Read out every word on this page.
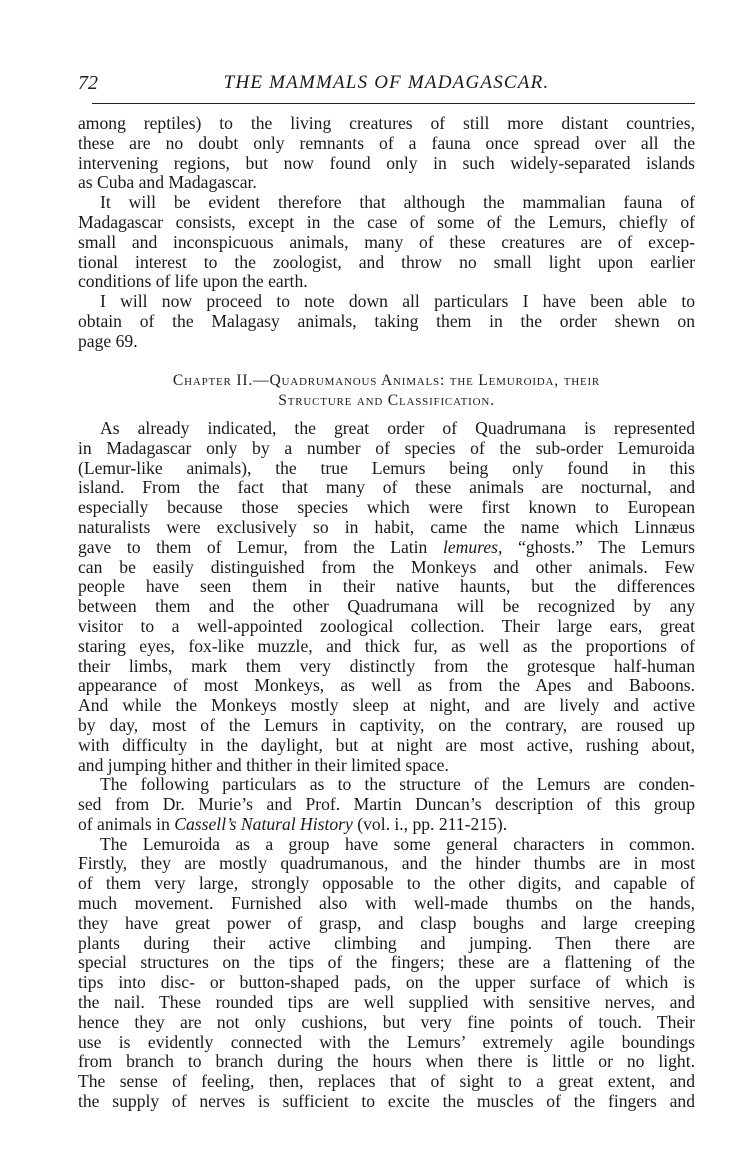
72	THE MAMMALS OF MADAGASCAR.
among reptiles) to the living creatures of still more distant countries,
these are no doubt only remnants of a fauna once spread over all the
intervening regions, but now found only in such widely-separated islands
as Cuba and Madagascar.
It will be evident therefore that although the mammalian fauna of
Madagascar consists, except in the case of some of the Lemurs, chiefly of
small and inconspicuous animals, many of these creatures are of excep-
tional interest to the zoologist, and throw no small light upon earlier
conditions of life upon the earth.
I will now proceed to note down all particulars I have been able to
obtain of the Malagasy animals, taking them in the order shewn on
page 69.
Chapter II.—Quadrumanous Animals: the Lemuroida, their
Structure and Classification.
As already indicated, the great order of Quadrumana is represented
in Madagascar only by a number of species of the sub-order Lemuroida
(Lemur-like animals), the true Lemurs being only found in this
island. From the fact that many of these animals are nocturnal, and
especially because those species which were first known to European
naturalists were exclusively so in habit, came the name which Linnæus
gave to them of Lemur, from the Latin lemures, “ghosts.” The Lemurs
can be easily distinguished from the Monkeys and other animals. Few
people have seen them in their native haunts, but the differences
between them and the other Quadrumana will be recognized by any
visitor to a well-appointed zoological collection. Their large ears, great
staring eyes, fox-like muzzle, and thick fur, as well as the proportions of
their limbs, mark them very distinctly from the grotesque half-human
appearance of most Monkeys, as well as from the Apes and Baboons.
And while the Monkeys mostly sleep at night, and are lively and active
by day, most of the Lemurs in captivity, on the contrary, are roused up
with difficulty in the daylight, but at night are most active, rushing about,
and jumping hither and thither in their limited space.
The following particulars as to the structure of the Lemurs are conden-
sed from Dr. Murie’s and Prof. Martin Duncan’s description of this group
of animals in Cassell’s Natural History (vol. i., pp. 211-215).
The Lemuroida as a group have some general characters in common.
Firstly, they are mostly quadrumanous, and the hinder thumbs are in most
of them very large, strongly opposable to the other digits, and capable of
much movement. Furnished also with well-made thumbs on the hands,
they have great power of grasp, and clasp boughs and large creeping
plants during their active climbing and jumping. Then there are
special structures on the tips of the fingers; these are a flattening of the
tips into disc- or button-shaped pads, on the upper surface of which is
the nail. These rounded tips are well supplied with sensitive nerves, and
hence they are not only cushions, but very fine points of touch. Their
use is evidently connected with the Lemurs’ extremely agile boundings
from branch to branch during the hours when there is little or no light.
The sense of feeling, then, replaces that of sight to a great extent, and
the supply of nerves is sufficient to excite the muscles of the fingers and
